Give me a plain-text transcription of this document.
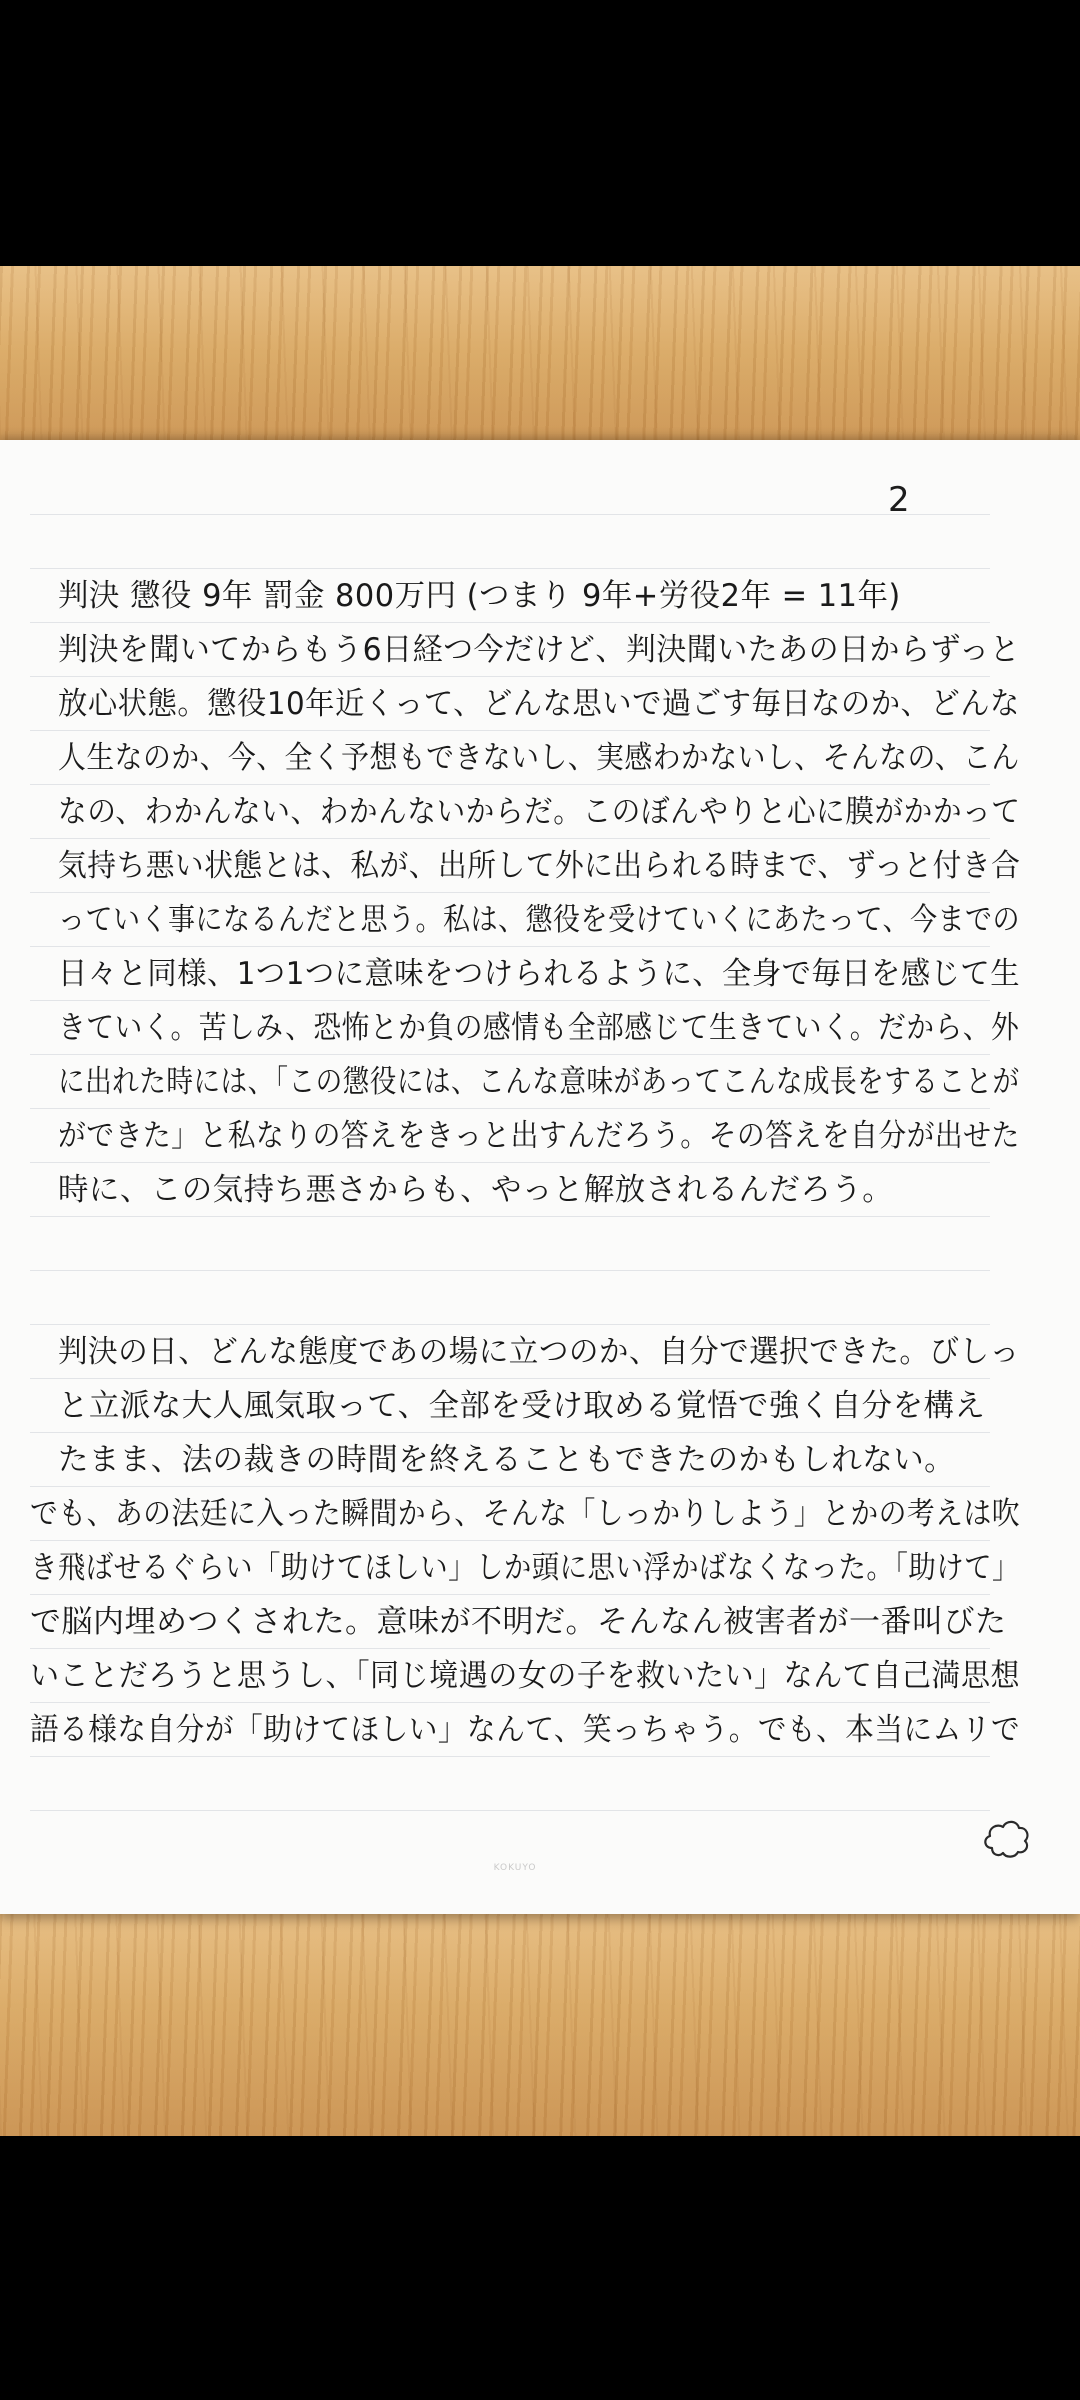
2
判決 懲役 9年 罰金 800万円 (つまり 9年+労役2年 = 11年)
判決を聞いてからもう6日経つ今だけど、判決聞いたあの日からずっと
放心状態。懲役10年近くって、どんな思いで過ごす毎日なのか、どんな
人生なのか、今、全く予想もできないし、実感わかないし、そんなの、こん
なの、わかんない、わかんないからだ。このぼんやりと心に膜がかかって
気持ち悪い状態とは、私が、出所して外に出られる時まで、ずっと付き合
っていく事になるんだと思う。私は、懲役を受けていくにあたって、今までの
日々と同様、1つ1つに意味をつけられるように、全身で毎日を感じて生
きていく。苦しみ、恐怖とか負の感情も全部感じて生きていく。だから、外
に出れた時には、「この懲役には、こんな意味があってこんな成長をすることが
ができた」と私なりの答えをきっと出すんだろう。その答えを自分が出せた
時に、この気持ち悪さからも、やっと解放されるんだろう。
判決の日、どんな態度であの場に立つのか、自分で選択できた。びしっ
と立派な大人風気取って、全部を受け取める覚悟で強く自分を構え
たまま、法の裁きの時間を終えることもできたのかもしれない。
でも、あの法廷に入った瞬間から、そんな「しっかりしよう」とかの考えは吹
き飛ばせるぐらい「助けてほしい」しか頭に思い浮かばなくなった。「助けて」
で脳内埋めつくされた。意味が不明だ。そんなん被害者が一番叫びた
いことだろうと思うし、「同じ境遇の女の子を救いたい」なんて自己満思想
語る様な自分が「助けてほしい」なんて、笑っちゃう。でも、本当にムリで
KOKUYO
